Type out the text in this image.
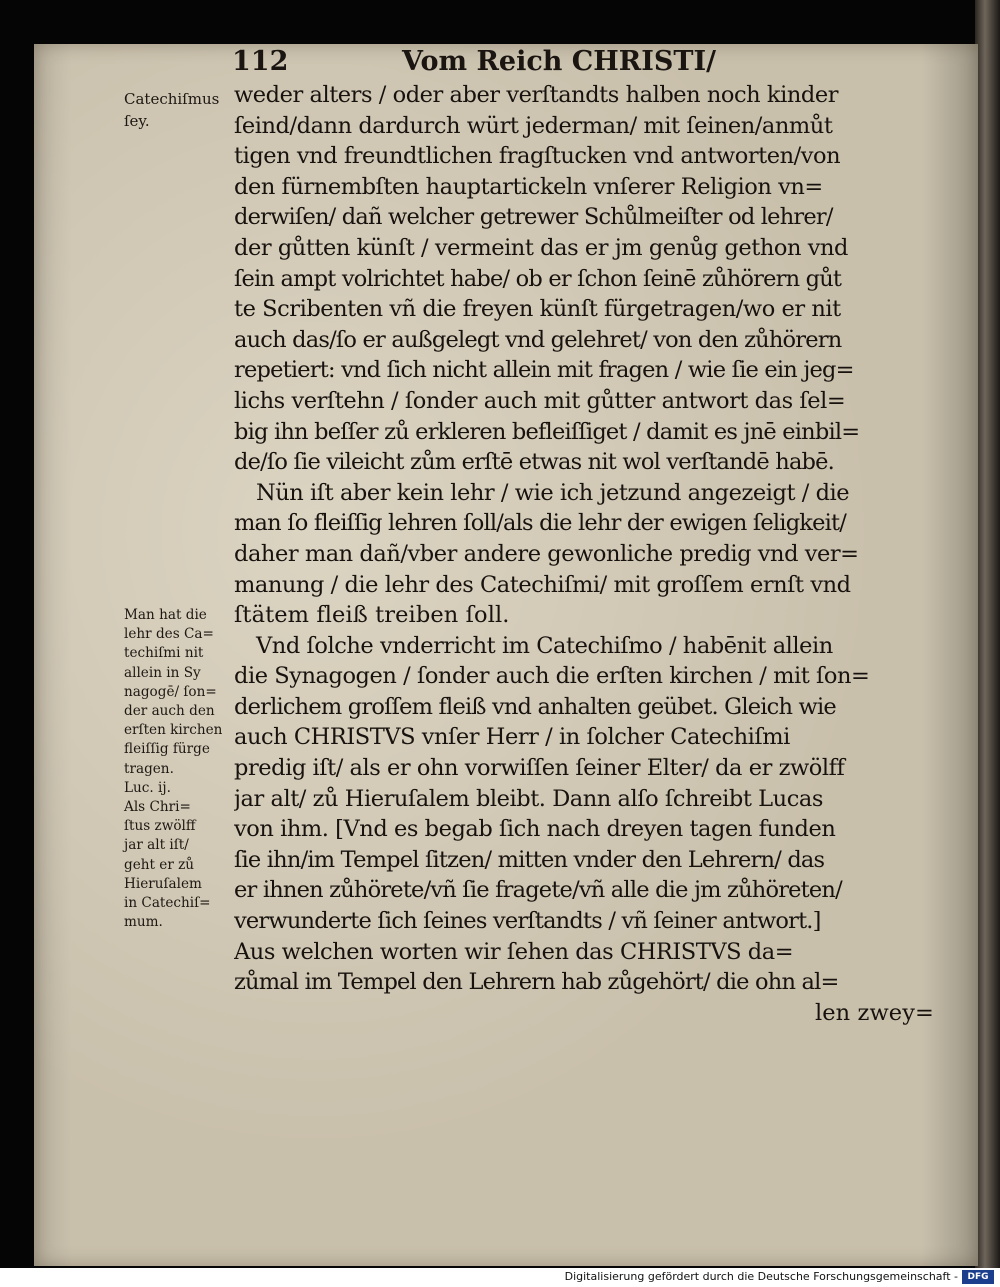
112	Vom Reich CHRISTI/
Catechiſmus
ſey.
weder alters / oder aber verſtandts halben noch kinder
ſeind/dann dardurch würt jederman/ mit ſeinen/anmůt
tigen vnd freundtlichen fragſtucken vnd antworten/von
den fürnembſten hauptartickeln vnſerer Religion vn=
derwiſen/ dañ welcher getrewer Schůlmeiſter od lehrer/
der gůtten künſt / vermeint das er jm genůg gethon vnd
ſein ampt volrichtet habe/ ob er ſchon ſeinē zůhörern gůt
te Scribenten vñ die freyen künſt fürgetragen/wo er nit
auch das/ſo er außgelegt vnd gelehret/ von den zůhörern
repetiert: vnd ſich nicht allein mit fragen / wie ſie ein jeg=
lichs verſtehn / ſonder auch mit gůtter antwort das ſel=
big ihn beſſer zů erkleren befleiſſiget / damit es jnē einbil=
de/ſo ſie vileicht zům erſtē etwas nit wol verſtandē habē.
Nün iſt aber kein lehr / wie ich jetzund angezeigt / die
man ſo fleiſſig lehren ſoll/als die lehr der ewigen ſeligkeit/
daher man dañ/vber andere gewonliche predig vnd ver=
manung / die lehr des Catechiſmi/ mit groſſem ernſt vnd
ſtätem fleiß treiben ſoll.
Vnd ſolche vnderricht im Catechiſmo / habēnit allein
die Synagogen / ſonder auch die erſten kirchen / mit ſon=
derlichem groſſem fleiß vnd anhalten geübet. Gleich wie
auch CHRISTVS vnſer Herr / in ſolcher Catechiſmi
predig iſt/ als er ohn vorwiſſen ſeiner Elter/ da er zwölff
jar alt/ zů Hieruſalem bleibt. Dann alſo ſchreibt Lucas
von ihm. [Vnd es begab ſich nach dreyen tagen funden
ſie ihn/im Tempel ſitzen/ mitten vnder den Lehrern/ das
er ihnen zůhörete/vñ ſie fragete/vñ alle die jm zůhöreten/
verwunderte ſich ſeines verſtandts / vñ ſeiner antwort.]
Aus welchen worten wir ſehen das CHRISTVS da=
zůmal im Tempel den Lehrern hab zůgehört/ die ohn al=
len zwey=
Man hat die
lehr des Ca=
techiſmi nit
allein in Sy
nagogē/ ſon=
der auch den
erſten kirchen
fleiſſig fürge
tragen.
Luc. ij.
Als Chri=
ſtus zwölff
jar alt iſt/
geht er zů
Hieruſalem
in Catechiſ=
mum.
Digitalisierung gefördert durch die Deutsche Forschungsgemeinschaft -	DFG
